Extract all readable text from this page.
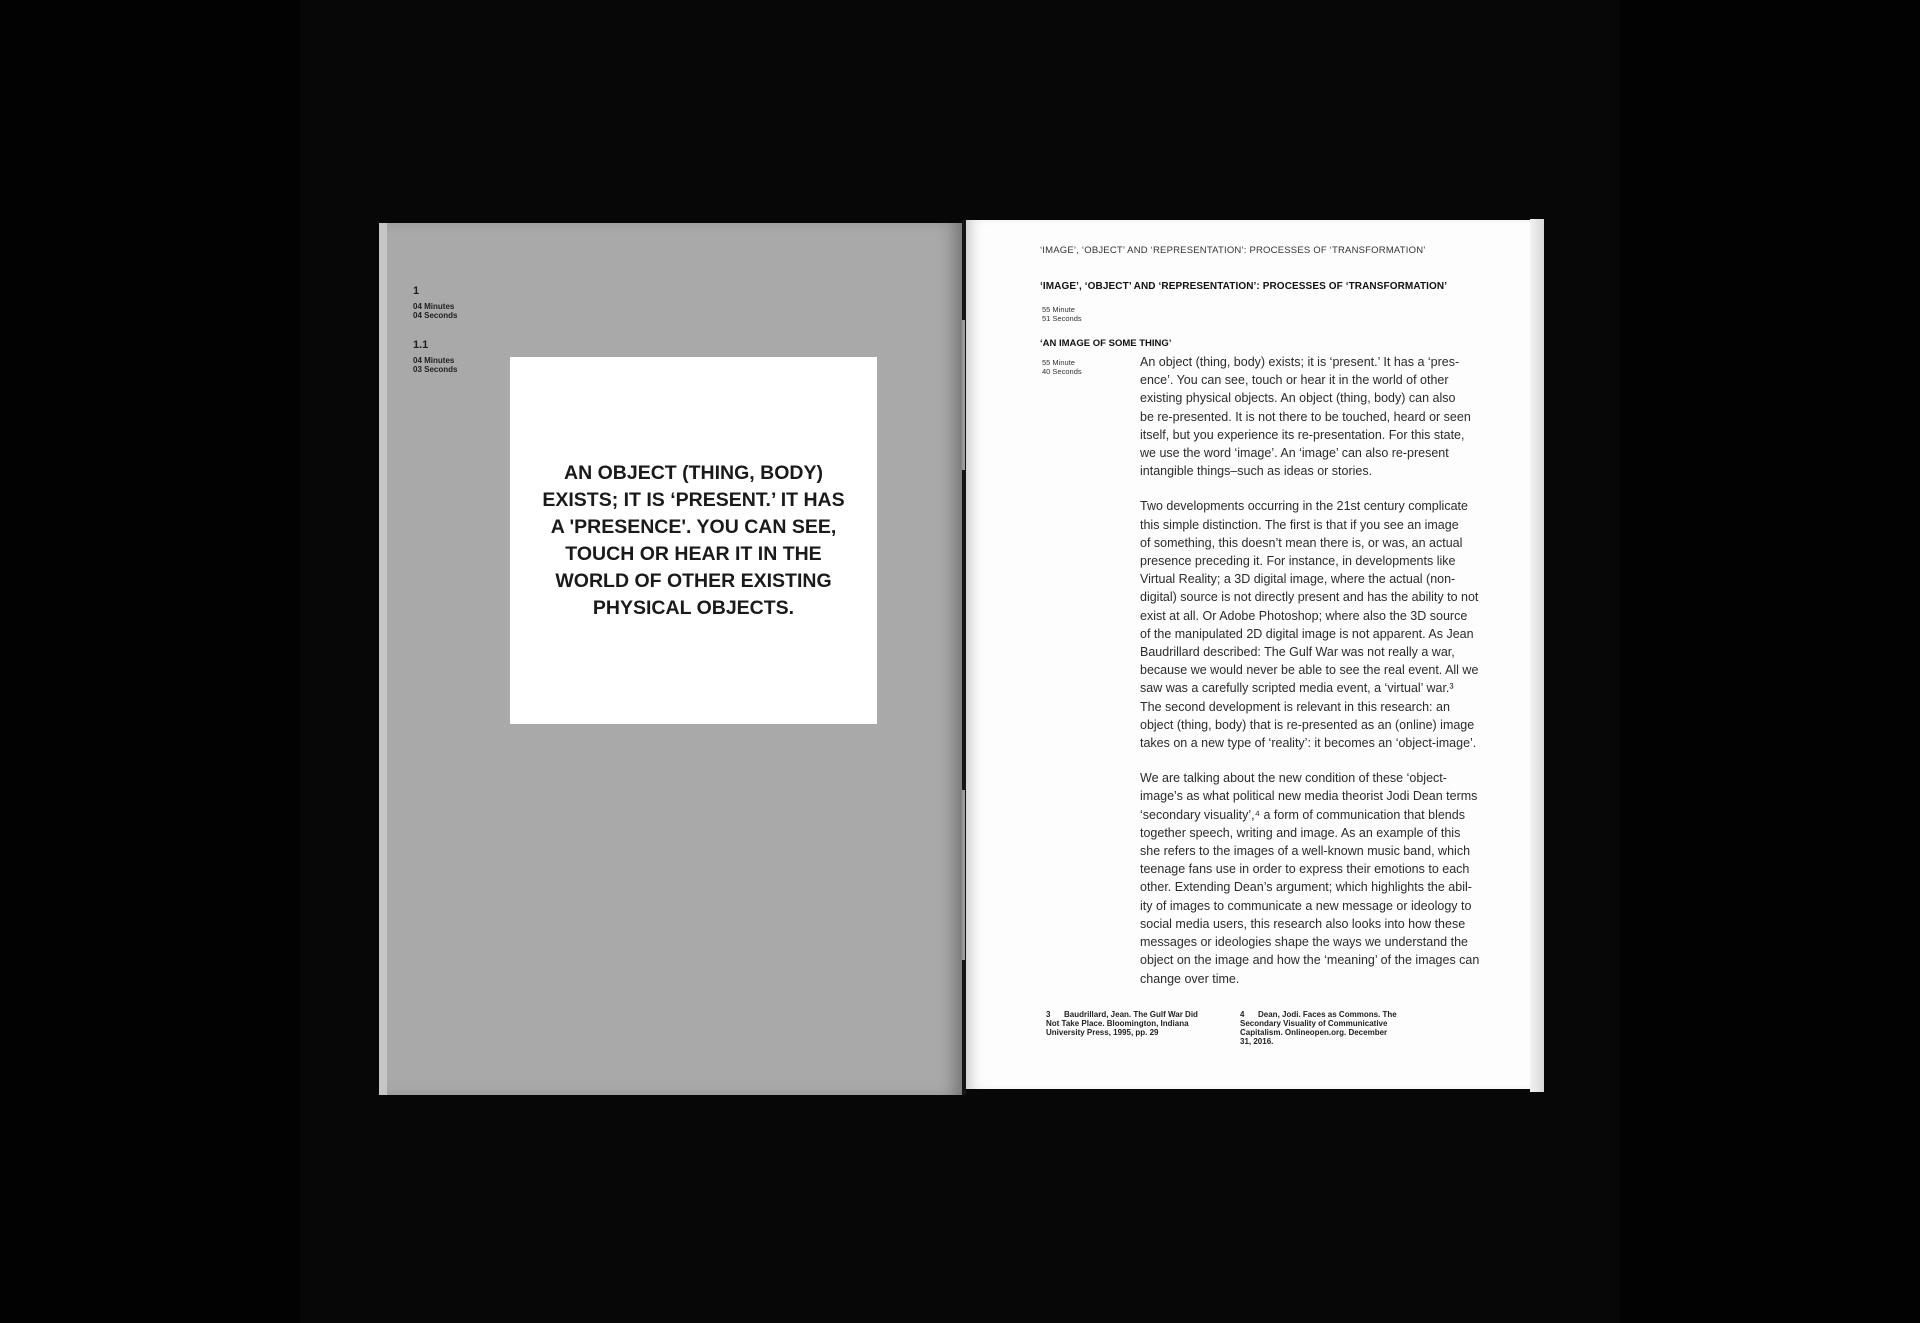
1
04 Minutes
04 Seconds
1.1
04 Minutes
03 Seconds
AN OBJECT (THING, BODY)
EXISTS; IT IS ‘PRESENT.’ IT HAS
A 'PRESENCE'. YOU CAN SEE,
TOUCH OR HEAR IT IN THE
WORLD OF OTHER EXISTING
PHYSICAL OBJECTS.
‘IMAGE’, ‘OBJECT’ AND ‘REPRESENTATION’: PROCESSES OF ‘TRANSFORMATION’
‘IMAGE’, ‘OBJECT’ AND ‘REPRESENTATION’: PROCESSES OF ‘TRANSFORMATION’
55 Minute
51 Seconds
‘AN IMAGE OF SOME THING’
55 Minute
40 Seconds

An object (thing, body) exists; it is ‘present.’ It has a ‘pres-
ence’. You can see, touch or hear it in the world of other
existing physical objects. An object (thing, body) can also
be re-presented. It is not there to be touched, heard or seen
itself, but you experience its re-presentation. For this state,
we use the word ‘image’. An ‘image’ can also re-present
intangible things–such as ideas or stories.

Two developments occurring in the 21st century complicate
this simple distinction. The first is that if you see an image
of something, this doesn’t mean there is, or was, an actual
presence preceding it. For instance, in developments like
Virtual Reality; a 3D digital image, where the actual (non-
digital) source is not directly present and has the ability to not
exist at all. Or Adobe Photoshop; where also the 3D source
of the manipulated 2D digital image is not apparent. As Jean
Baudrillard described: The Gulf War was not really a war,
because we would never be able to see the real event. All we
saw was a carefully scripted media event, a ‘virtual’ war.³
The second development is relevant in this research: an
object (thing, body) that is re-presented as an (online) image
takes on a new type of ‘reality’: it becomes an ‘object-image’.

We are talking about the new condition of these ‘object-
image’s as what political new media theorist Jodi Dean terms
‘secondary visuality’,⁴ a form of communication that blends
together speech, writing and image. As an example of this
she refers to the images of a well-known music band, which
teenage fans use in order to express their emotions to each
other. Extending Dean’s argument; which highlights the abil-
ity of images to communicate a new message or ideology to
social media users, this research also looks into how these
messages or ideologies shape the ways we understand the
object on the image and how the ‘meaning’ of the images can
change over time.

3 Baudrillard, Jean. The Gulf War Did
Not Take Place. Bloomington, Indiana
University Press, 1995, pp. 29
4 Dean, Jodi. Faces as Commons. The
Secondary Visuality of Communicative
Capitalism. Onlineopen.org. December
31, 2016.
